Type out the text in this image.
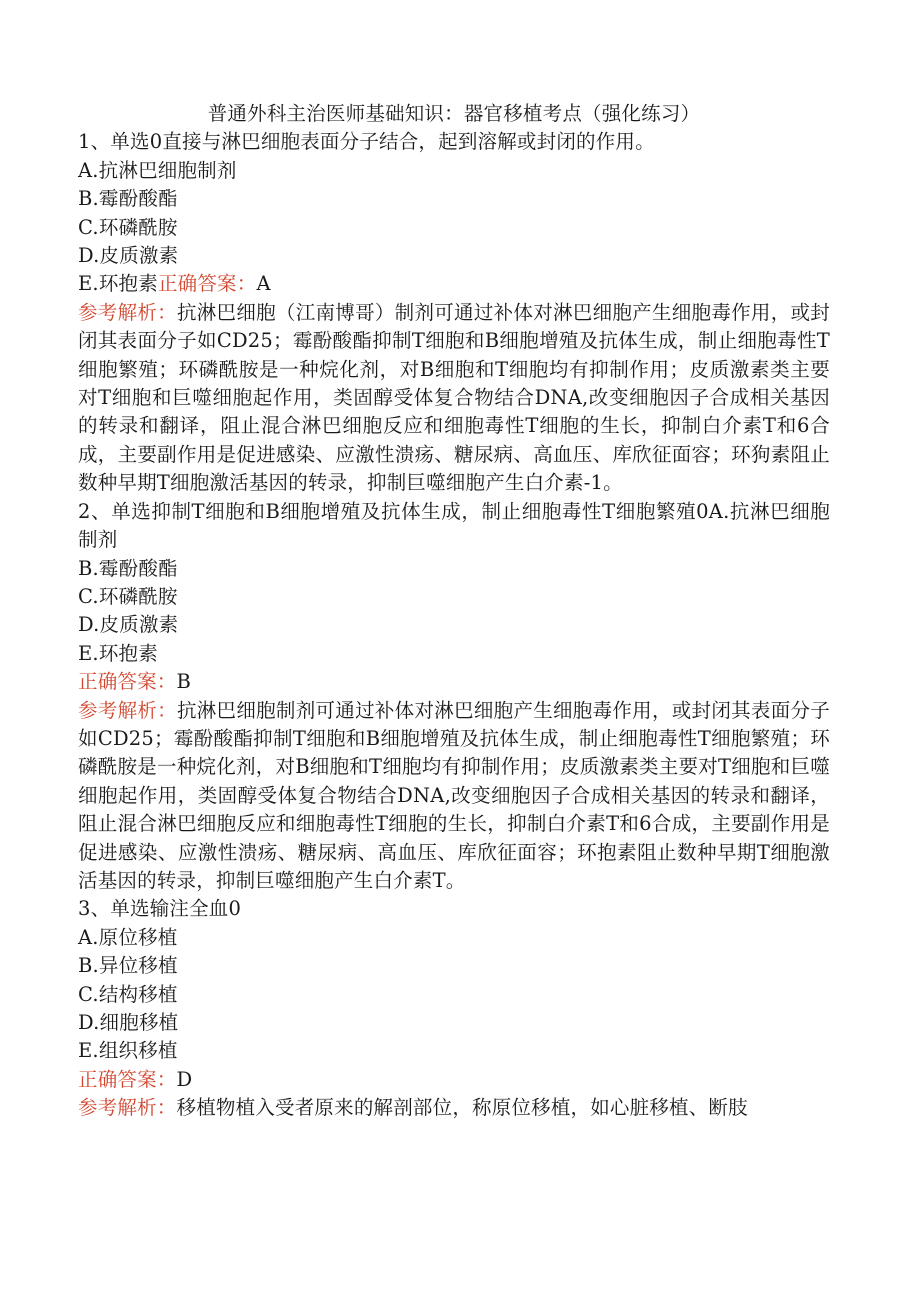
普通外科主治医师基础知识：器官移植考点（强化练习）

1、单选0直接与淋巴细胞表面分子结合，起到溶解或封闭的作用。

A.抗淋巴细胞制剂

B.霉酚酸酯

C.环磷酰胺

D.皮质激素

E.环抱素正确答案：A

参考解析：抗淋巴细胞（江南博哥）制剂可通过补体对淋巴细胞产生细胞毒作用，或封闭其表面分子如CD25；霉酚酸酯抑制T细胞和B细胞增殖及抗体生成，制止细胞毒性T细胞繁殖；环磷酰胺是一种烷化剂，对B细胞和T细胞均有抑制作用；皮质激素类主要对T细胞和巨噬细胞起作用，类固醇受体复合物结合DNA,改变细胞因子合成相关基因的转录和翻译，阻止混合淋巴细胞反应和细胞毒性T细胞的生长，抑制白介素T和6合成，主要副作用是促进感染、应激性溃疡、糖尿病、高血压、库欣征面容；环狗素阻止数种早期T细胞激活基因的转录，抑制巨噬细胞产生白介素-1。

2、单选抑制T细胞和B细胞增殖及抗体生成，制止细胞毒性T细胞繁殖0A.抗淋巴细胞制剂

B.霉酚酸酯

C.环磷酰胺

D.皮质激素

E.环抱素

正确答案：B

参考解析：抗淋巴细胞制剂可通过补体对淋巴细胞产生细胞毒作用，或封闭其表面分子如CD25；霉酚酸酯抑制T细胞和B细胞增殖及抗体生成，制止细胞毒性T细胞繁殖；环磷酰胺是一种烷化剂，对B细胞和T细胞均有抑制作用；皮质激素类主要对T细胞和巨噬细胞起作用，类固醇受体复合物结合DNA,改变细胞因子合成相关基因的转录和翻译，阻止混合淋巴细胞反应和细胞毒性T细胞的生长，抑制白介素T和6合成，主要副作用是促进感染、应激性溃疡、糖尿病、高血压、库欣征面容；环抱素阻止数种早期T细胞激活基因的转录，抑制巨噬细胞产生白介素T。

3、单选输注全血0

A.原位移植

B.异位移植

C.结构移植

D.细胞移植

E.组织移植

正确答案：D

参考解析：移植物植入受者原来的解剖部位，称原位移植，如心脏移植、断肢
